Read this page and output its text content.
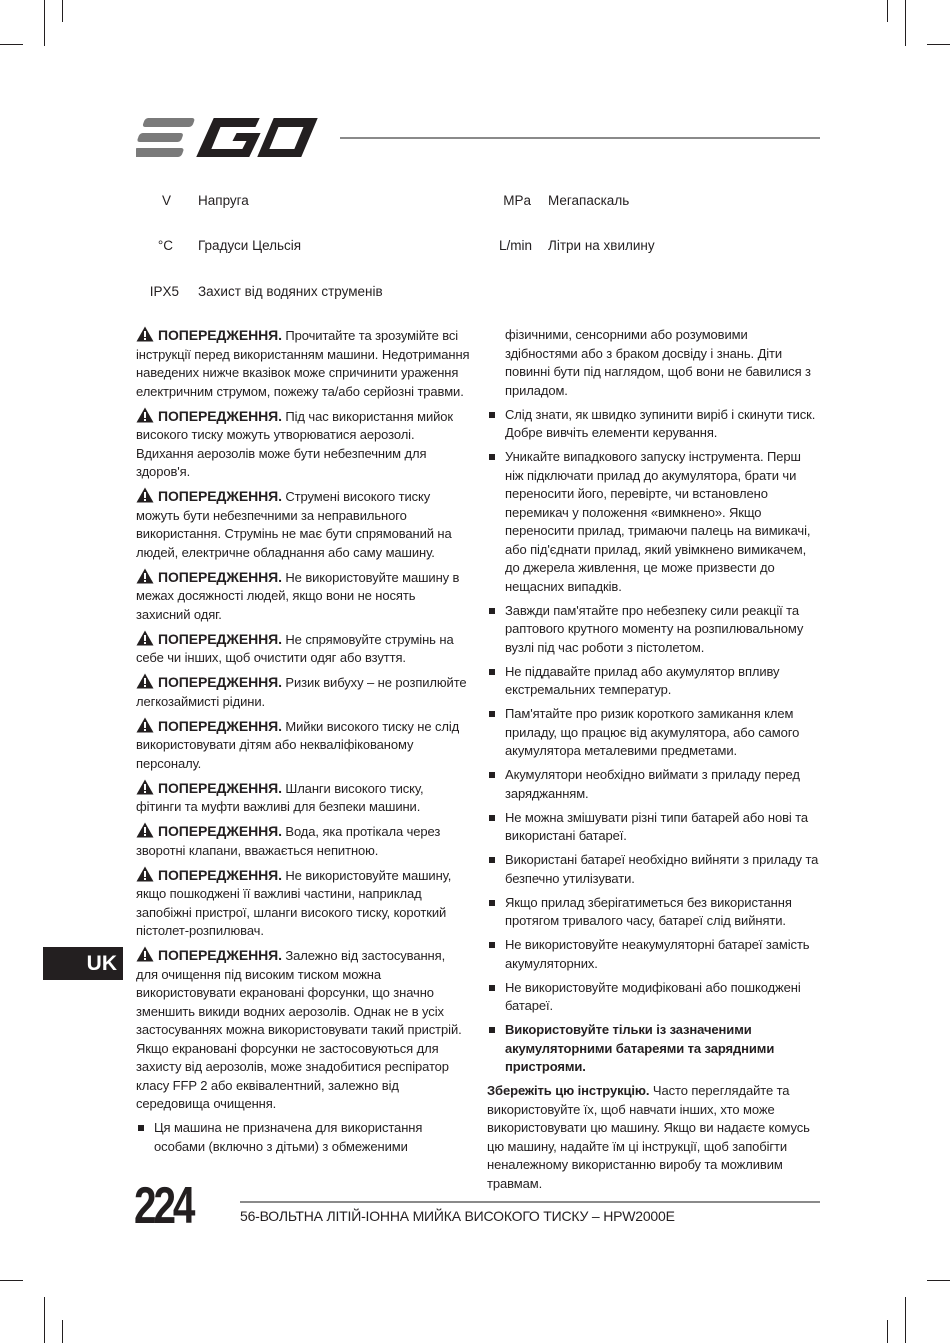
V Напруга	MPa Мегапаскаль
°C Градуси Цельсія	L/min Літри на хвилину
IPX5 Захист від водяних струменів

ПОПЕРЕДЖЕННЯ. Прочитайте та зрозумійте всі інструкції перед використанням машини. Недотримання наведених нижче вказівок може спричинити ураження електричним струмом, пожежу та/або серйозні травми.

ПОПЕРЕДЖЕННЯ. Під час використання мийок високого тиску можуть утворюватися аерозолі. Вдихання аерозолів може бути небезпечним для здоров'я.

ПОПЕРЕДЖЕННЯ. Струмені високого тиску можуть бути небезпечними за неправильного використання. Струмінь не має бути спрямований на людей, електричне обладнання або саму машину.

ПОПЕРЕДЖЕННЯ. Не використовуйте машину в межах досяжності людей, якщо вони не носять захисний одяг.

ПОПЕРЕДЖЕННЯ. Не спрямовуйте струмінь на себе чи інших, щоб очистити одяг або взуття.

ПОПЕРЕДЖЕННЯ. Ризик вибуху – не розпилюйте легкозаймисті рідини.

ПОПЕРЕДЖЕННЯ. Мийки високого тиску не слід використовувати дітям або некваліфікованому персоналу.

ПОПЕРЕДЖЕННЯ. Шланги високого тиску, фітинги та муфти важливі для безпеки машини.

ПОПЕРЕДЖЕННЯ. Вода, яка протікала через зворотні клапани, вважається непитною.

ПОПЕРЕДЖЕННЯ. Не використовуйте машину, якщо пошкоджені її важливі частини, наприклад запобіжні пристрої, шланги високого тиску, короткий пістолет-розпилювач.

ПОПЕРЕДЖЕННЯ. Залежно від застосування, для очищення під високим тиском можна використовувати екрановані форсунки, що значно зменшить викиди водних аерозолів. Однак не в усіх застосуваннях можна використовувати такий пристрій. Якщо екрановані форсунки не застосовуються для захисту від аерозолів, може знадобитися респіратор класу FFP 2 або еквівалентний, залежно від середовища очищення.

Ця машина не призначена для використання особами (включно з дітьми) з обмеженими

фізичними, сенсорними або розумовими здібностями або з браком досвіду і знань. Діти повинні бути під наглядом, щоб вони не бавилися з приладом.

Слід знати, як швидко зупинити виріб і скинути тиск. Добре вивчіть елементи керування.
Уникайте випадкового запуску інструмента. Перш ніж підключати прилад до акумулятора, брати чи переносити його, перевірте, чи встановлено перемикач у положення «вимкнено». Якщо переносити прилад, тримаючи палець на вимикачі, або під'єднати прилад, який увімкнено вимикачем, до джерела живлення, це може призвести до нещасних випадків.
Завжди пам'ятайте про небезпеку сили реакції та раптового крутного моменту на розпилювальному вузлі під час роботи з пістолетом.
Не піддавайте прилад або акумулятор впливу екстремальних температур.
Пам'ятайте про ризик короткого замикання клем приладу, що працює від акумулятора, або самого акумулятора металевими предметами.
Акумулятори необхідно виймати з приладу перед заряджанням.
Не можна змішувати різні типи батарей або нові та використані батареї.
Використані батареї необхідно вийняти з приладу та безпечно утилізувати.
Якщо прилад зберігатиметься без використання протягом тривалого часу, батареї слід вийняти.
Не використовуйте неакумуляторні батареї замість акумуляторних.
Не використовуйте модифіковані або пошкоджені батареї.
Використовуйте тільки із зазначеними акумуляторними батареями та зарядними пристроями.

Збережіть цю інструкцію. Часто переглядайте та використовуйте їх, щоб навчати інших, хто може використовувати цю машину. Якщо ви надаєте комусь цю машину, надайте їм ці інструкції, щоб запобігти неналежному використанню виробу та можливим травмам.

UK
224	56-ВОЛЬТНА ЛІТІЙ-ІОННА МИЙКА ВИСОКОГО ТИСКУ – HPW2000E
